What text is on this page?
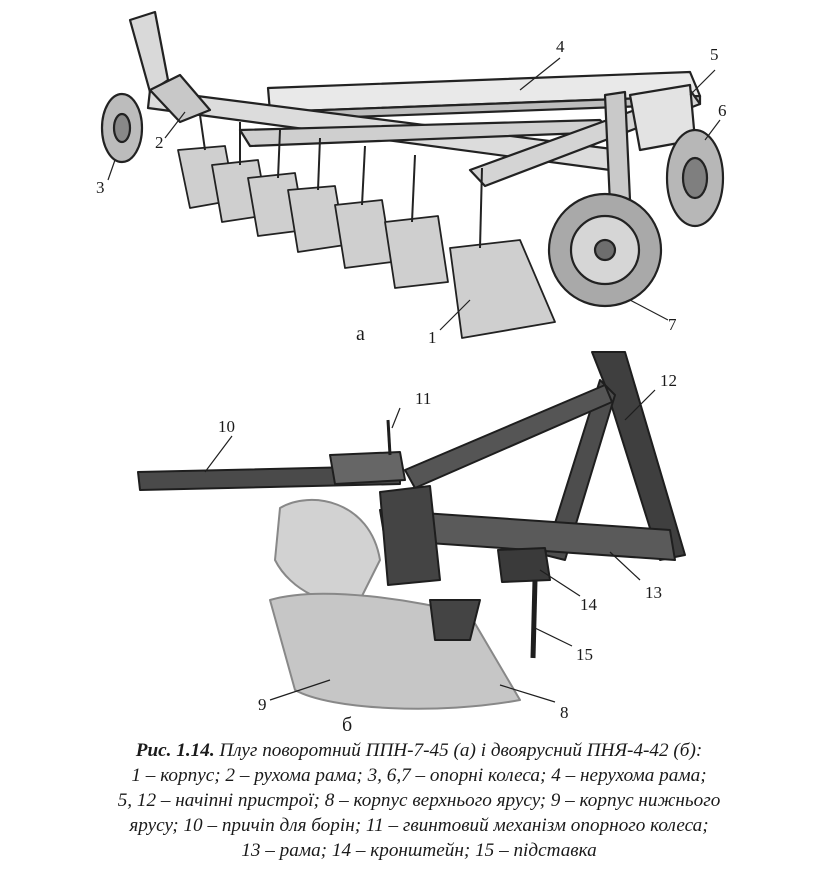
а
б
1
2
3
4	5
6
7
8
9
10
11
12
13
14
15
Рис. 1.14. Плуг поворотний ППН-7-45 (а) і двоярусний ПНЯ-4-42 (б):
1 – корпус; 2 – рухома рама; 3, 6,7 – опорні колеса; 4 – нерухома рама;
5, 12 – начіпні пристрої; 8 – корпус верхнього ярусу; 9 – корпус нижнього
ярусу; 10 – причіп для борін; 11 – гвинтовий механізм опорного колеса;
13 – рама; 14 – кронштейн; 15 – підставка
